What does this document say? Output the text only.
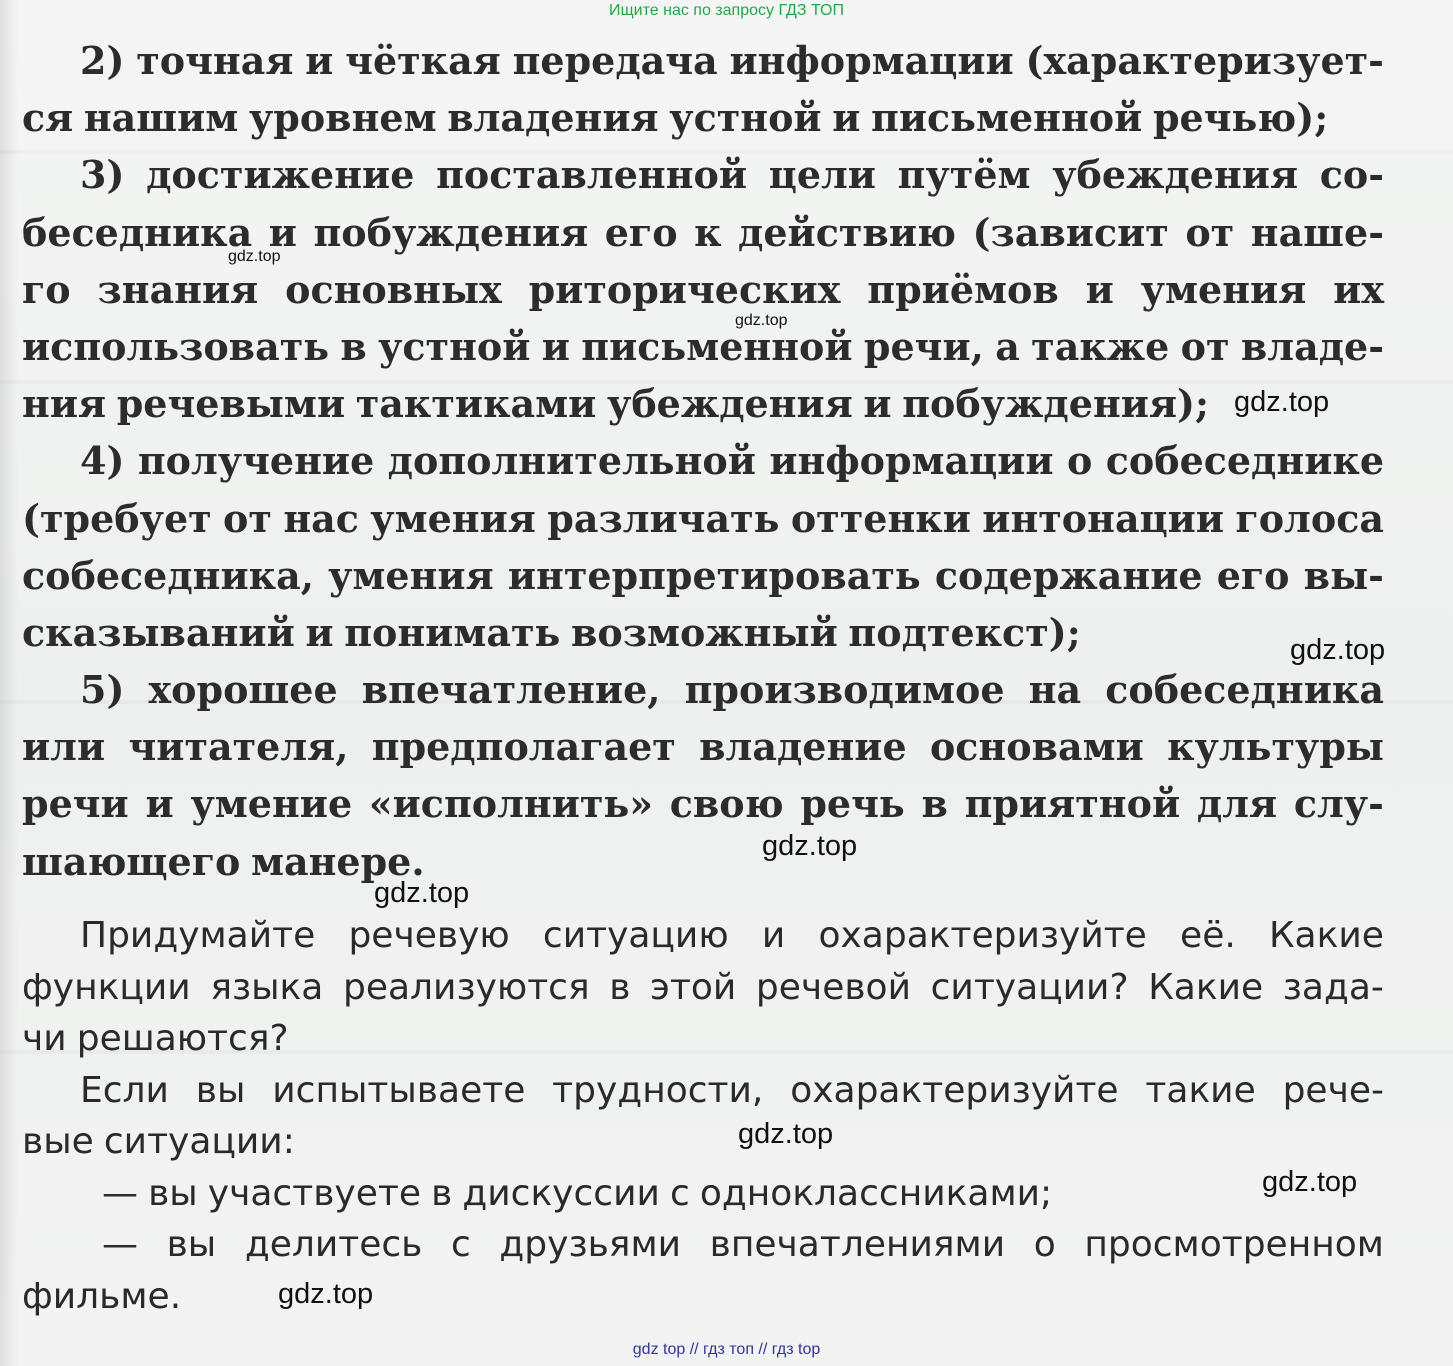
Ищите нас по запросу ГДЗ ТОП
2) точная и чёткая передача информации (характеризует-
ся нашим уровнем владения устной и письменной речью);
3) достижение поставленной цели путём убеждения со-
беседника и побуждения его к действию (зависит от наше-
го знания основных риторических приёмов и умения их
использовать в устной и письменной речи, а также от владе-
ния речевыми тактиками убеждения и побуждения);
4) получение дополнительной информации о собеседнике
(требует от нас умения различать оттенки интонации голоса
собеседника, умения интерпретировать содержание его вы-
сказываний и понимать возможный подтекст);
5) хорошее впечатление, производимое на собеседника
или читателя, предполагает владение основами культуры
речи и умение «исполнить» свою речь в приятной для слу-
шающего манере.
Придумайте речевую ситуацию и охарактеризуйте её. Какие
функции языка реализуются в этой речевой ситуации? Какие зада-
чи решаются?
Если вы испытываете трудности, охарактеризуйте такие рече-
вые ситуации:
— вы участвуете в дискуссии с одноклассниками;
— вы делитесь с друзьями впечатлениями о просмотренном
фильме.
gdz.top
gdz.top
gdz.top
gdz.top
gdz.top
gdz.top
gdz.top
gdz.top
gdz.top
gdz top // гдз топ // гдз top
